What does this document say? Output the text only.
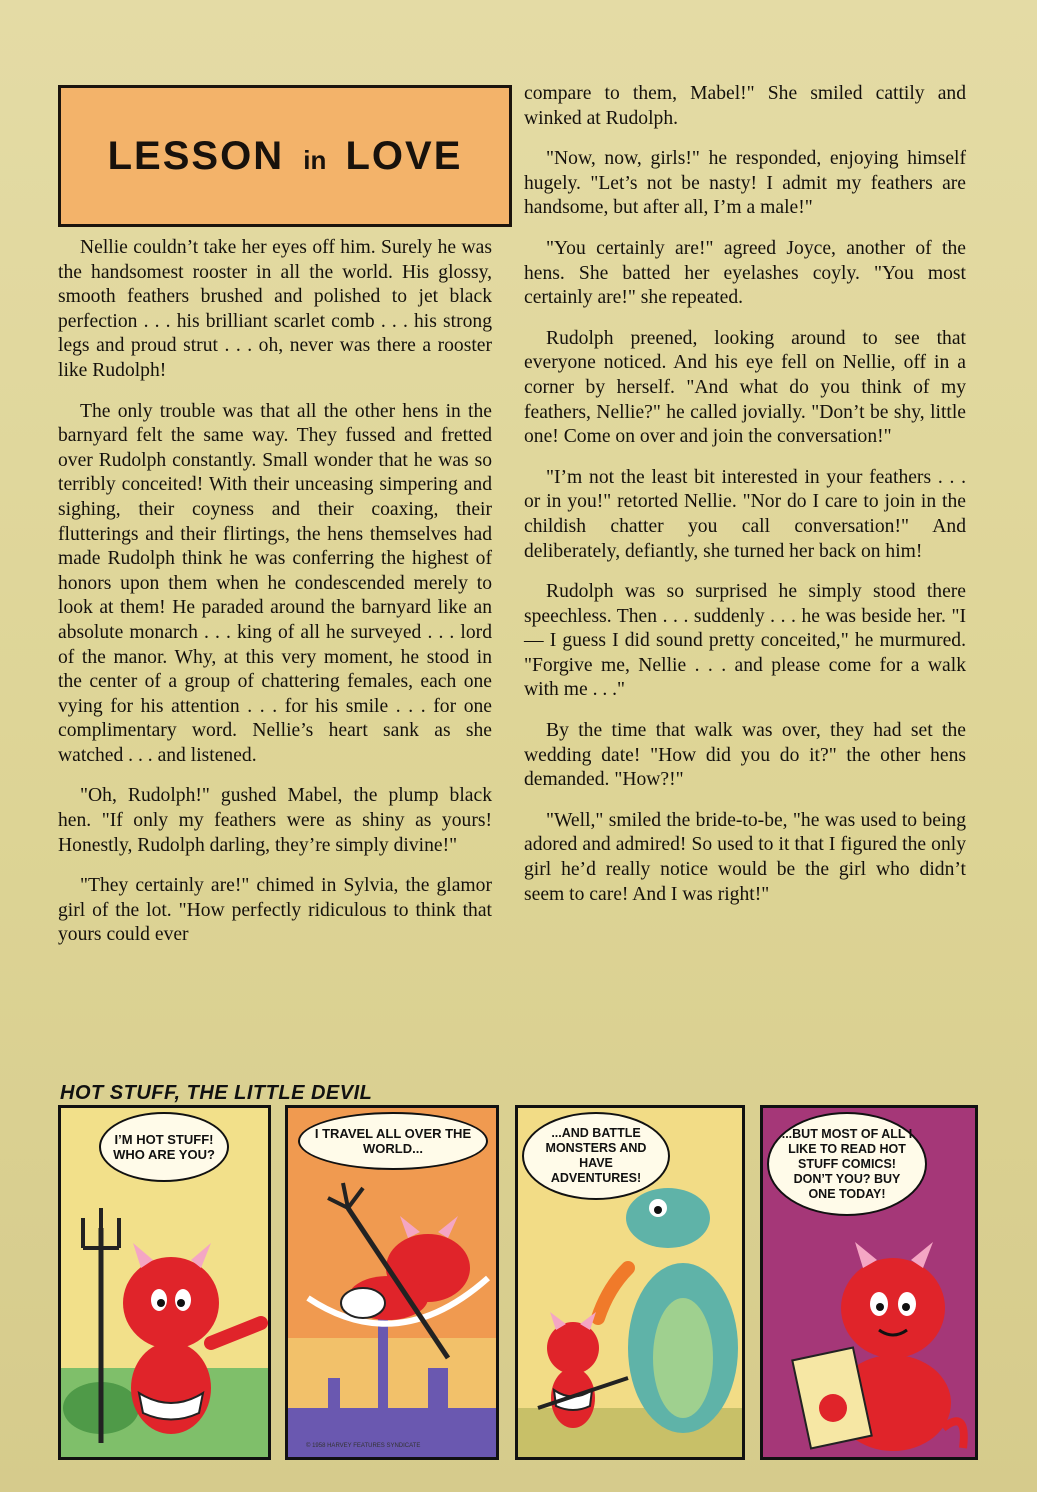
LESSON in LOVE

Nellie couldn’t take her eyes off him. Surely he was the handsomest rooster in all the world. His glossy, smooth feathers brushed and polished to jet black perfection . . . his brilliant scarlet comb . . . his strong legs and proud strut . . . oh, never was there a rooster like Rudolph!

The only trouble was that all the other hens in the barnyard felt the same way. They fussed and fretted over Rudolph constantly. Small wonder that he was so terribly conceited! With their unceasing simpering and sighing, their coyness and their coaxing, their flutterings and their flirtings, the hens themselves had made Rudolph think he was conferring the highest of honors upon them when he condescended merely to look at them! He paraded around the barnyard like an absolute monarch . . . king of all he surveyed . . . lord of the manor. Why, at this very moment, he stood in the center of a group of chattering females, each one vying for his attention . . . for his smile . . . for one complimentary word. Nellie’s heart sank as she watched . . . and listened.

"Oh, Rudolph!" gushed Mabel, the plump black hen. "If only my feathers were as shiny as yours! Honestly, Rudolph darling, they’re simply divine!"

"They certainly are!" chimed in Sylvia, the glamor girl of the lot. "How perfectly ridiculous to think that yours could ever

compare to them, Mabel!" She smiled cattily and winked at Rudolph.

"Now, now, girls!" he responded, enjoying himself hugely. "Let’s not be nasty! I admit my feathers are handsome, but after all, I’m a male!"

"You certainly are!" agreed Joyce, another of the hens. She batted her eyelashes coyly. "You most certainly are!" she repeated.

Rudolph preened, looking around to see that everyone noticed. And his eye fell on Nellie, off in a corner by herself. "And what do you think of my feathers, Nellie?" he called jovially. "Don’t be shy, little one! Come on over and join the conversation!"

"I’m not the least bit interested in your feathers . . . or in you!" retorted Nellie. "Nor do I care to join in the childish chatter you call conversation!" And deliberately, defiantly, she turned her back on him!

Rudolph was so surprised he simply stood there speechless. Then . . . suddenly . . . he was beside her. "I — I guess I did sound pretty conceited," he murmured. "Forgive me, Nellie . . . and please come for a walk with me . . ."

By the time that walk was over, they had set the wedding date! "How did you do it?" the other hens demanded. "How?!"

"Well," smiled the bride-to-be, "he was used to being adored and admired! So used to it that I figured the only girl he’d really notice would be the girl who didn’t seem to care! And I was right!"

HOT STUFF, THE LITTLE DEVIL
I’M HOT STUFF! WHO ARE YOU?
I TRAVEL ALL OVER THE WORLD...
© 1958 HARVEY FEATURES SYNDICATE
...AND BATTLE MONSTERS AND HAVE ADVENTURES!
...BUT MOST OF ALL I LIKE TO READ HOT STUFF COMICS! DON’T YOU? BUY ONE TODAY!
